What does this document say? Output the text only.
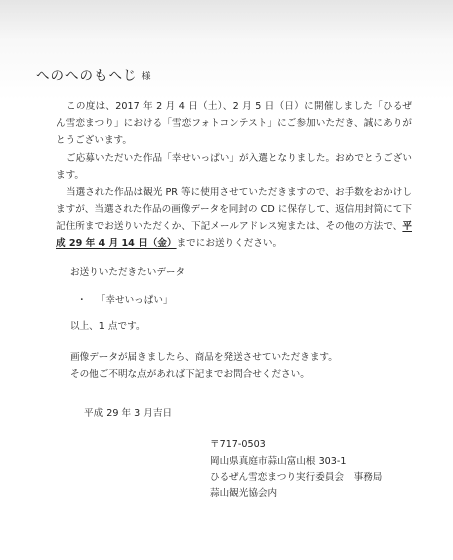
へのへのもへじ 様
この度は、2017 年 2 月 4 日（土）、2 月 5 日（日）に開催しました「ひるぜん雪恋まつり」における「雪恋フォトコンテスト」にご参加いただき、誠にありがとうございます。
ご応募いただいた作品「幸せいっぱい」が入選となりました。おめでとうございます。
当選された作品は観光 PR 等に使用させていただきますので、お手数をおかけしますが、当選された作品の画像データを同封の CD に保存して、返信用封筒にて下記住所までお送りいただくか、下記メールアドレス宛または、その他の方法で、平成 29 年 4 月 14 日（金）までにお送りください。
お送りいただきたいデータ
・ 「幸せいっぱい」
以上、1 点です。
画像データが届きましたら、商品を発送させていただきます。
その他ご不明な点があれば下記までお問合せください。
平成 29 年 3 月吉日
〒717-0503
岡山県真庭市蒜山富山根 303-1
ひるぜん雪恋まつり実行委員会　事務局
蒜山観光協会内
